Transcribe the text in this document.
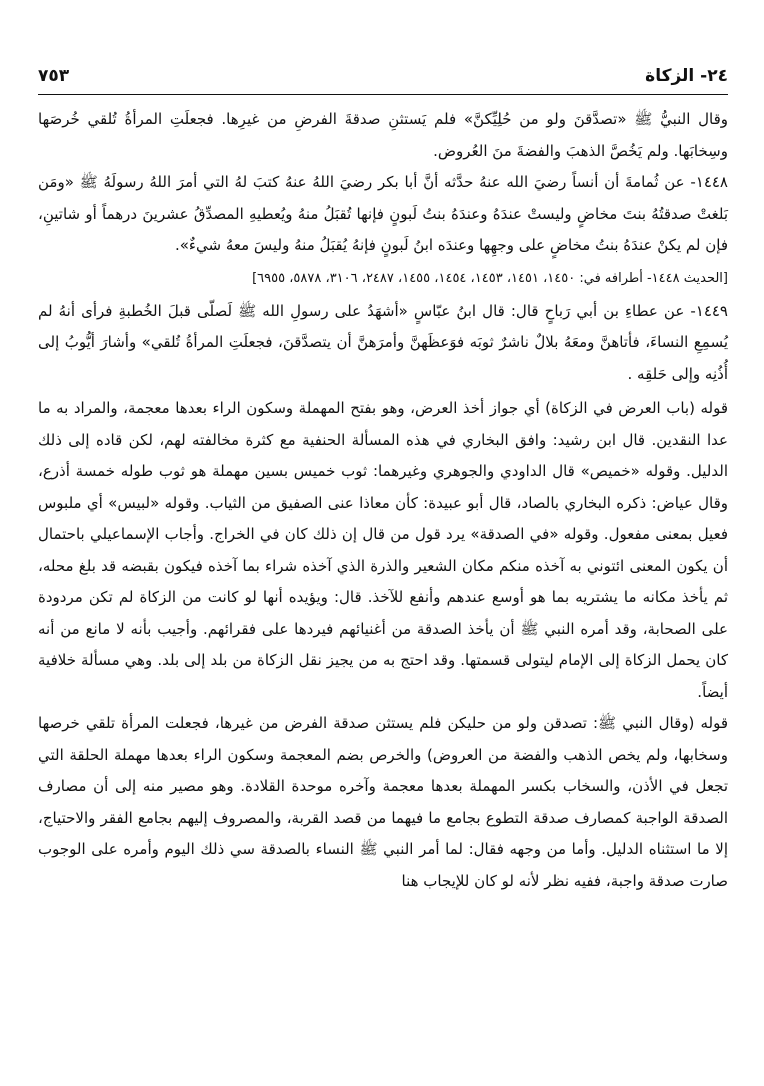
٢٤- الزكاة
٧٥٣

وقال النبيُّ ﷺ «تصدَّقنَ ولو من حُلِيِّكنَّ» فلم يَستثنِ صدقةَ الفرضِ من غيرِها. فجعلَتِ المرأةُ تُلقي خُرصَها وسِخابَها. ولم يَخُصَّ الذهبَ والفضةَ منَ العُروض.

١٤٤٨- عن ثُمامةَ أن أنساً رضيَ الله عنهُ حدَّثه أنَّ أبا بكر رضيَ اللهُ عنهُ كتبَ لهُ التي أمرَ اللهُ رسولَهُ ﷺ «ومَن بَلغتْ صدقتُهُ بنتَ مخاضٍ وليستْ عندَهُ وعندَهُ بنتُ لَبونٍ فإنها تُقبَلُ منهُ ويُعطيهِ المصدِّقُ عشرينَ درهماً أو شاتينِ، فإن لم يكنْ عندَهُ بنتُ مخاضٍ على وجهِها وعندَه ابنُ لَبونٍ فإنهُ يُقبَلُ منهُ وليسَ معهُ شيءٌ».

[الحديث ١٤٤٨- أطرافه في: ١٤٥٠، ١٤٥١، ١٤٥٣، ١٤٥٤، ١٤٥٥، ٢٤٨٧، ٣١٠٦، ٥٨٧٨، ٦٩٥٥]

١٤٤٩- عن عطاءِ بن أبي رَباحٍ قال: قال ابنُ عبّاسٍ «أشهَدُ على رسولِ الله ﷺ لَصلّى قبلَ الخُطبةِ فرأى أنهُ لم يُسمِعِ النساءَ، فأتاهنَّ ومعَهُ بلالٌ ناشرٌ ثوبَه فوَعظَهنَّ وأمرَهنَّ أن يتصدَّقنَ، فجعلَتِ المرأةُ تُلقي» وأشارَ أيُّوبُ إلى أُذُنِه وإلى حَلقِه .

قوله (باب العرض في الزكاة) أي جواز أخذ العرض، وهو بفتح المهملة وسكون الراء بعدها معجمة، والمراد به ما عدا النقدين. قال ابن رشيد: وافق البخاري في هذه المسألة الحنفية مع كثرة مخالفته لهم، لكن قاده إلى ذلك الدليل. وقوله «خميص» قال الداودي والجوهري وغيرهما: ثوب خميس بسين مهملة هو ثوب طوله خمسة أذرع، وقال عياض: ذكره البخاري بالصاد، قال أبو عبيدة: كأن معاذا عنى الصفيق من الثياب. وقوله «لبيس» أي ملبوس فعيل بمعنى مفعول. وقوله «في الصدقة» يرد قول من قال إن ذلك كان في الخراج. وأجاب الإسماعيلي باحتمال أن يكون المعنى ائتوني به آخذه منكم مكان الشعير والذرة الذي آخذه شراء بما آخذه فيكون بقبضه قد بلغ محله، ثم يأخذ مكانه ما يشتريه بما هو أوسع عندهم وأنفع للآخذ. قال: ويؤيده أنها لو كانت من الزكاة لم تكن مردودة على الصحابة، وقد أمره النبي ﷺ أن يأخذ الصدقة من أغنيائهم فيردها على فقرائهم. وأجيب بأنه لا مانع من أنه كان يحمل الزكاة إلى الإمام ليتولى قسمتها. وقد احتج به من يجيز نقل الزكاة من بلد إلى بلد. وهي مسألة خلافية أيضاً.

قوله (وقال النبي ﷺ: تصدقن ولو من حليكن فلم يستثن صدقة الفرض من غيرها، فجعلت المرأة تلقي خرصها وسخابها، ولم يخص الذهب والفضة من العروض) والخرص بضم المعجمة وسكون الراء بعدها مهملة الحلقة التي تجعل في الأذن، والسخاب بكسر المهملة بعدها معجمة وآخره موحدة القلادة. وهو مصير منه إلى أن مصارف الصدقة الواجبة كمصارف صدقة التطوع بجامع ما فيهما من قصد القربة، والمصروف إليهم بجامع الفقر والاحتياج، إلا ما استثناه الدليل. وأما من وجهه فقال: لما أمر النبي ﷺ النساء بالصدقة سي ذلك اليوم وأمره على الوجوب صارت صدقة واجبة، ففيه نظر لأنه لو كان للإيجاب هنا
